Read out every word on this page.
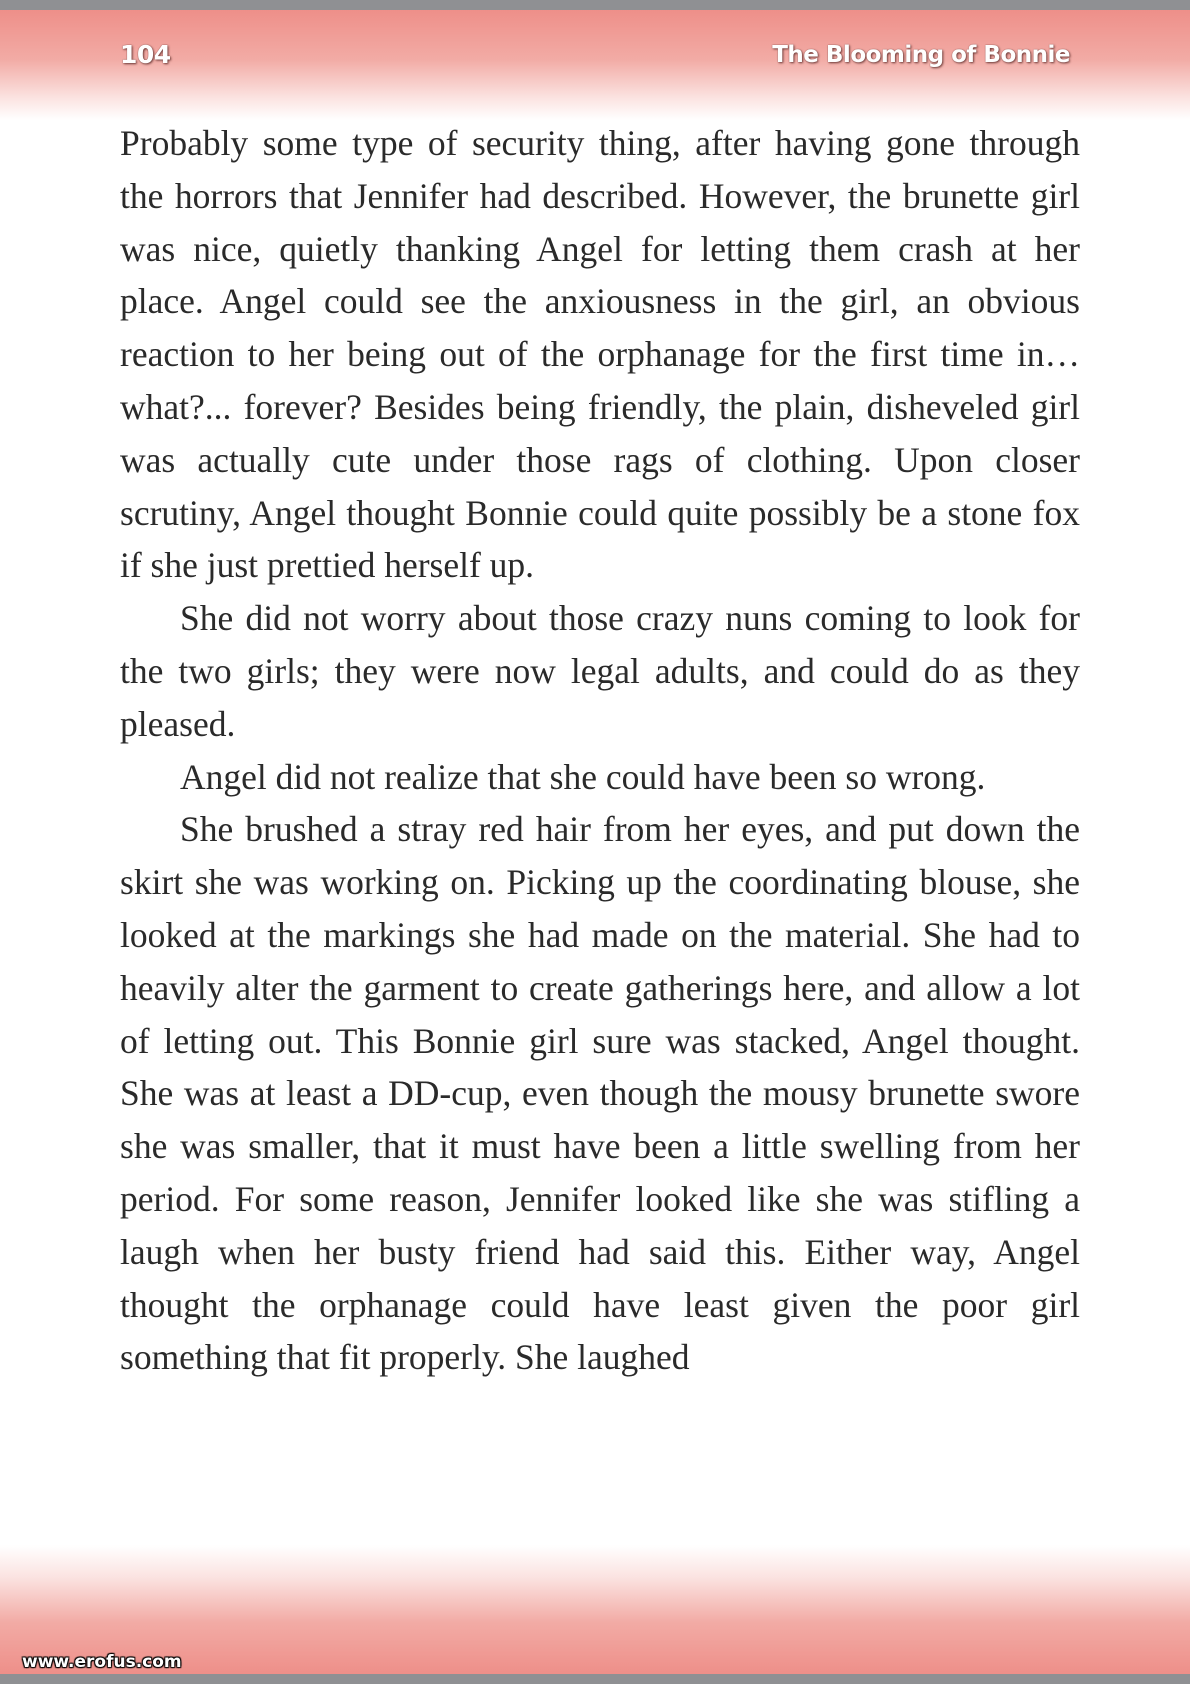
104	The Blooming of Bonnie

Probably some type of security thing, after having gone through the horrors that Jennifer had described. However, the brunette girl was nice, quietly thanking Angel for letting them crash at her place. Angel could see the anxiousness in the girl, an obvious reaction to her being out of the orphanage for the first time in… what?... forever? Besides being friendly, the plain, disheveled girl was actually cute under those rags of clothing. Upon closer scrutiny, Angel thought Bonnie could quite possibly be a stone fox if she just prettied herself up.

She did not worry about those crazy nuns coming to look for the two girls; they were now legal adults, and could do as they pleased.

Angel did not realize that she could have been so wrong.

She brushed a stray red hair from her eyes, and put down the skirt she was working on. Picking up the coordinating blouse, she looked at the markings she had made on the material. She had to heavily alter the garment to create gatherings here, and allow a lot of letting out. This Bonnie girl sure was stacked, Angel thought. She was at least a DD-cup, even though the mousy brunette swore she was smaller, that it must have been a little swelling from her period. For some reason, Jennifer looked like she was stifling a laugh when her busty friend had said this. Either way, Angel thought the orphanage could have least given the poor girl something that fit properly. She laughed

www.erofus.com
